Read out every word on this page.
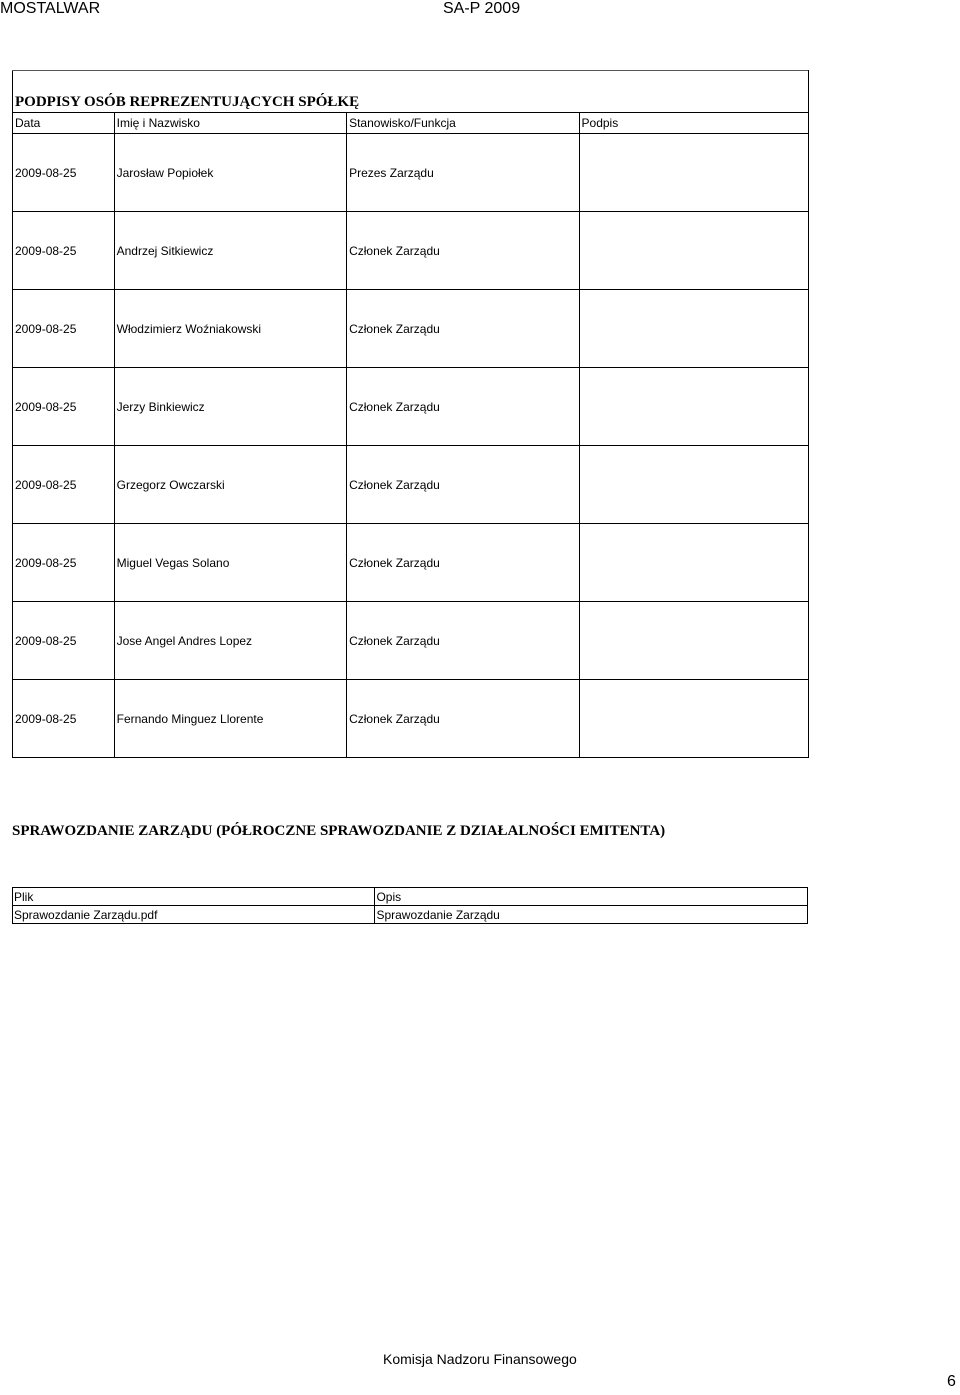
MOSTALWAR	SA-P 2009
PODPISY OSÓB REPREZENTUJĄCYCH SPÓŁKĘ			
Data	Imię i Nazwisko	Stanowisko/Funkcja	Podpis
2009-08-25	Jarosław Popiołek	Prezes Zarządu	
2009-08-25	Andrzej Sitkiewicz	Członek Zarządu	
2009-08-25	Włodzimierz Woźniakowski	Członek Zarządu	
2009-08-25	Jerzy Binkiewicz	Członek Zarządu	
2009-08-25	Grzegorz Owczarski	Członek Zarządu	
2009-08-25	Miguel Vegas Solano	Członek Zarządu	
2009-08-25	Jose Angel Andres Lopez	Członek Zarządu	
2009-08-25	Fernando Minguez Llorente	Członek Zarządu	
SPRAWOZDANIE ZARZĄDU (PÓŁROCZNE SPRAWOZDANIE Z DZIAŁALNOŚCI EMITENTA)
Plik	Opis
Sprawozdanie Zarządu.pdf	Sprawozdanie Zarządu
Komisja Nadzoru Finansowego
6
